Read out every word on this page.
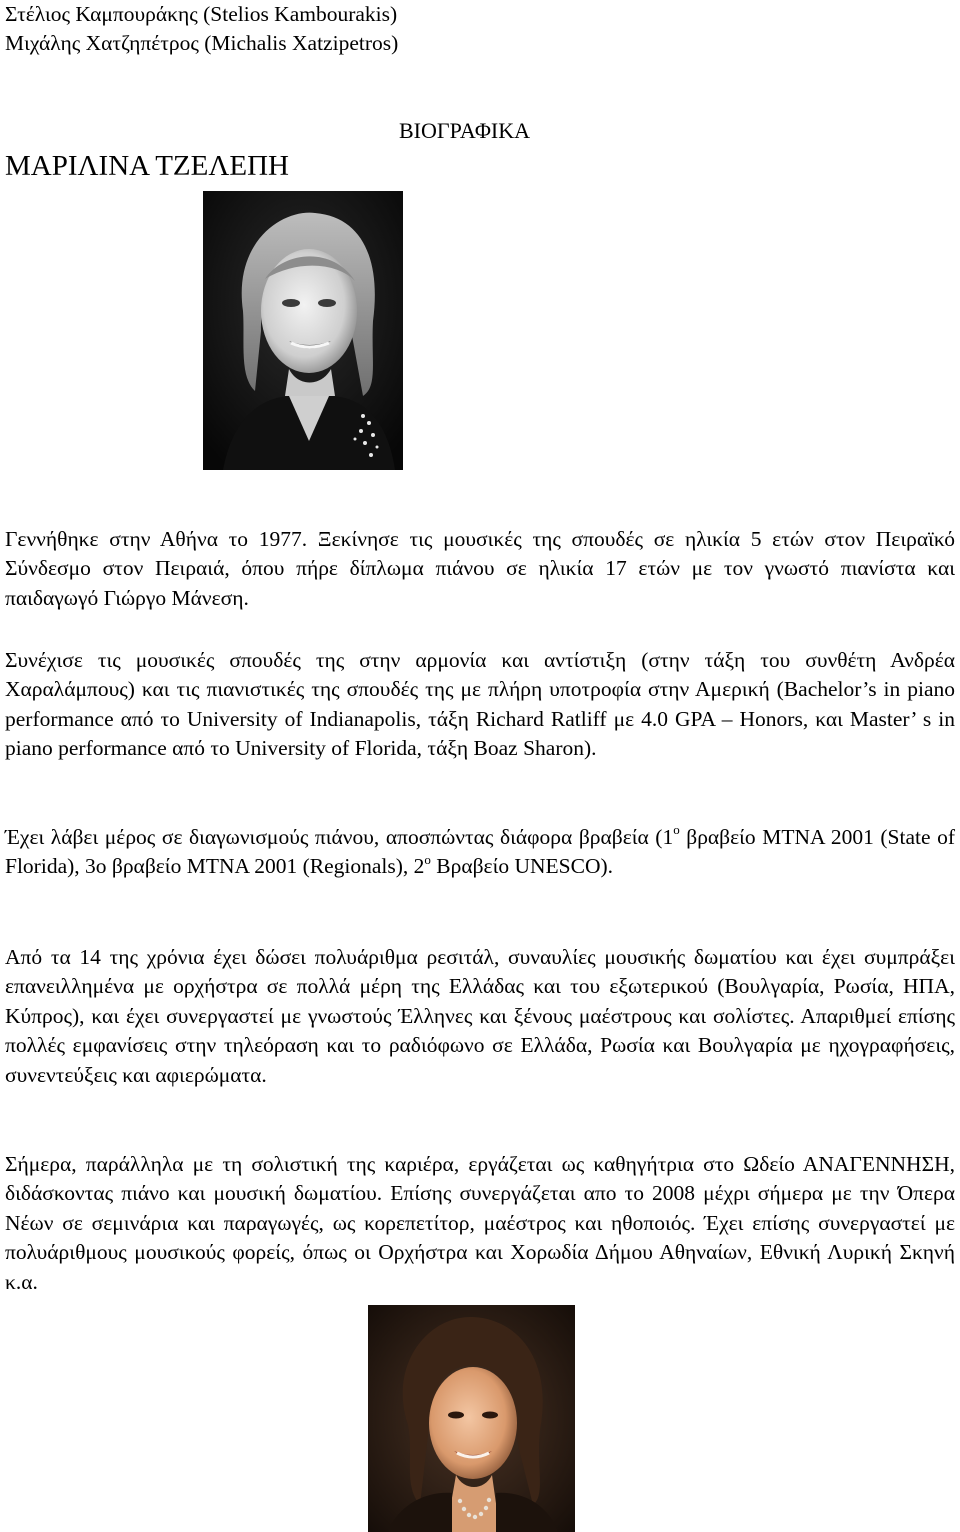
Στέλιος Καμπουράκης (Stelios Kambourakis)
Μιχάλης Χατζηπέτρος (Michalis Xatzipetros)
ΒΙΟΓΡΑΦΙΚΑ
ΜΑΡΙΛΙΝΑ ΤΖΕΛΕΠΗ

Γεννήθηκε στην Αθήνα το 1977. Ξεκίνησε τις μουσικές της σπουδές σε ηλικία 5 ετών στον Πειραϊκό Σύνδεσμο στον Πειραιά, όπου πήρε δίπλωμα πιάνου σε ηλικία 17 ετών με τον γνωστό πιανίστα και παιδαγωγό Γιώργο Μάνεση.

Συνέχισε τις μουσικές σπουδές της στην αρμονία και αντίστιξη (στην τάξη του συνθέτη Ανδρέα Χαραλάμπους) και τις πιανιστικές της σπουδές της με πλήρη υποτροφία στην Αμερική (Bachelor’s in piano performance από το University of Indianapolis, τάξη Richard Ratliff με 4.0 GPA – Honors, και Master’ s in piano performance από το University of Florida, τάξη Boaz Sharon).

Έχει λάβει μέρος σε διαγωνισμούς πιάνου, αποσπώντας διάφορα βραβεία ($1^o$ βραβείο MTNA 2001 (State of Florida), 3ο βραβείο MTNA 2001 (Regionals), $2^o$ Βραβείο UNESCO).

Από τα 14 της χρόνια έχει δώσει πολυάριθμα ρεσιτάλ, συναυλίες μουσικής δωματίου και έχει συμπράξει επανειλλημένα με ορχήστρα σε πολλά μέρη της Ελλάδας και του εξωτερικού (Βουλγαρία, Ρωσία, ΗΠΑ, Κύπρος), και έχει συνεργαστεί με γνωστούς Έλληνες και ξένους μαέστρους και σολίστες. Απαριθμεί επίσης πολλές εμφανίσεις στην τηλεόραση και το ραδιόφωνο σε Ελλάδα, Ρωσία και Βουλγαρία με ηχογραφήσεις, συνεντεύξεις και αφιερώματα.

Σήμερα, παράλληλα με τη σολιστική της καριέρα, εργάζεται ως καθηγήτρια στο Ωδείο ΑΝΑΓΕΝΝΗΣΗ, διδάσκοντας πιάνο και μουσική δωματίου. Επίσης συνεργάζεται απο το 2008 μέχρι σήμερα με την Όπερα Νέων σε σεμινάρια και παραγωγές, ως κορεπετίτορ, μαέστρος και ηθοποιός. Έχει επίσης συνεργαστεί με πολυάριθμους μουσικούς φορείς, όπως οι Ορχήστρα και Χορωδία Δήμου Αθηναίων, Εθνική Λυρική Σκηνή κ.α.
